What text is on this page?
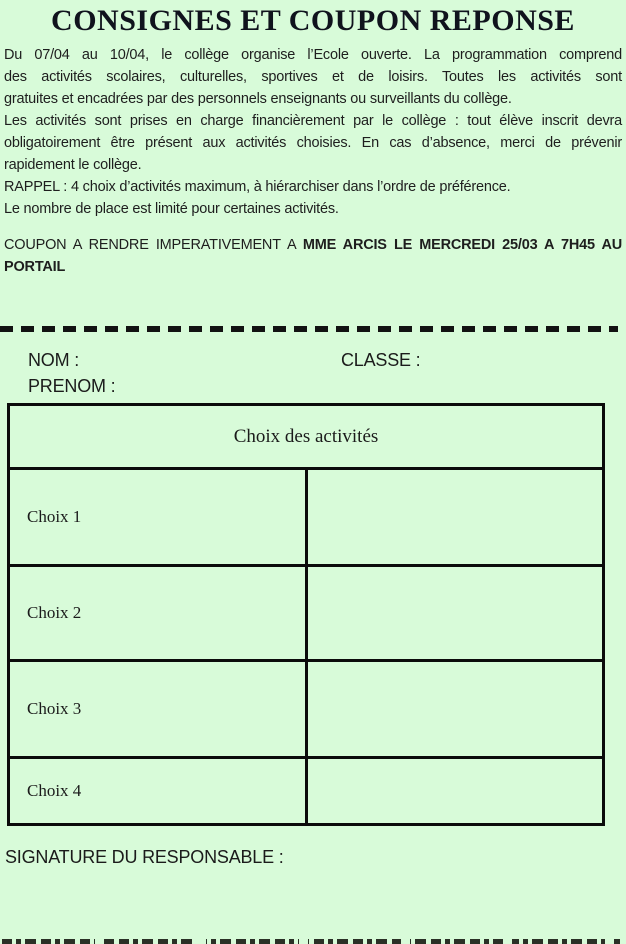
CONSIGNES ET COUPON REPONSE
Du 07/04 au 10/04, le collège organise l’Ecole ouverte. La programmation comprend
des activités scolaires, culturelles, sportives et de loisirs. Toutes les activités sont
gratuites et encadrées par des personnels enseignants ou surveillants du collège.
Les activités sont prises en charge financièrement par le collège : tout élève inscrit devra
obligatoirement être présent aux activités choisies. En cas d’absence, merci de prévenir
rapidement le collège.
RAPPEL : 4 choix d’activités maximum, à hiérarchiser dans l’ordre de préférence.
Le nombre de place est limité pour certaines activités.
COUPON A RENDRE IMPERATIVEMENT A MME ARCIS LE MERCREDI 25/03 A 7H45 AU PORTAIL
NOM :	CLASSE :
PRENOM :
Choix des activités	
Choix 1	
Choix 2	
Choix 3	
Choix 4	
SIGNATURE DU RESPONSABLE :
